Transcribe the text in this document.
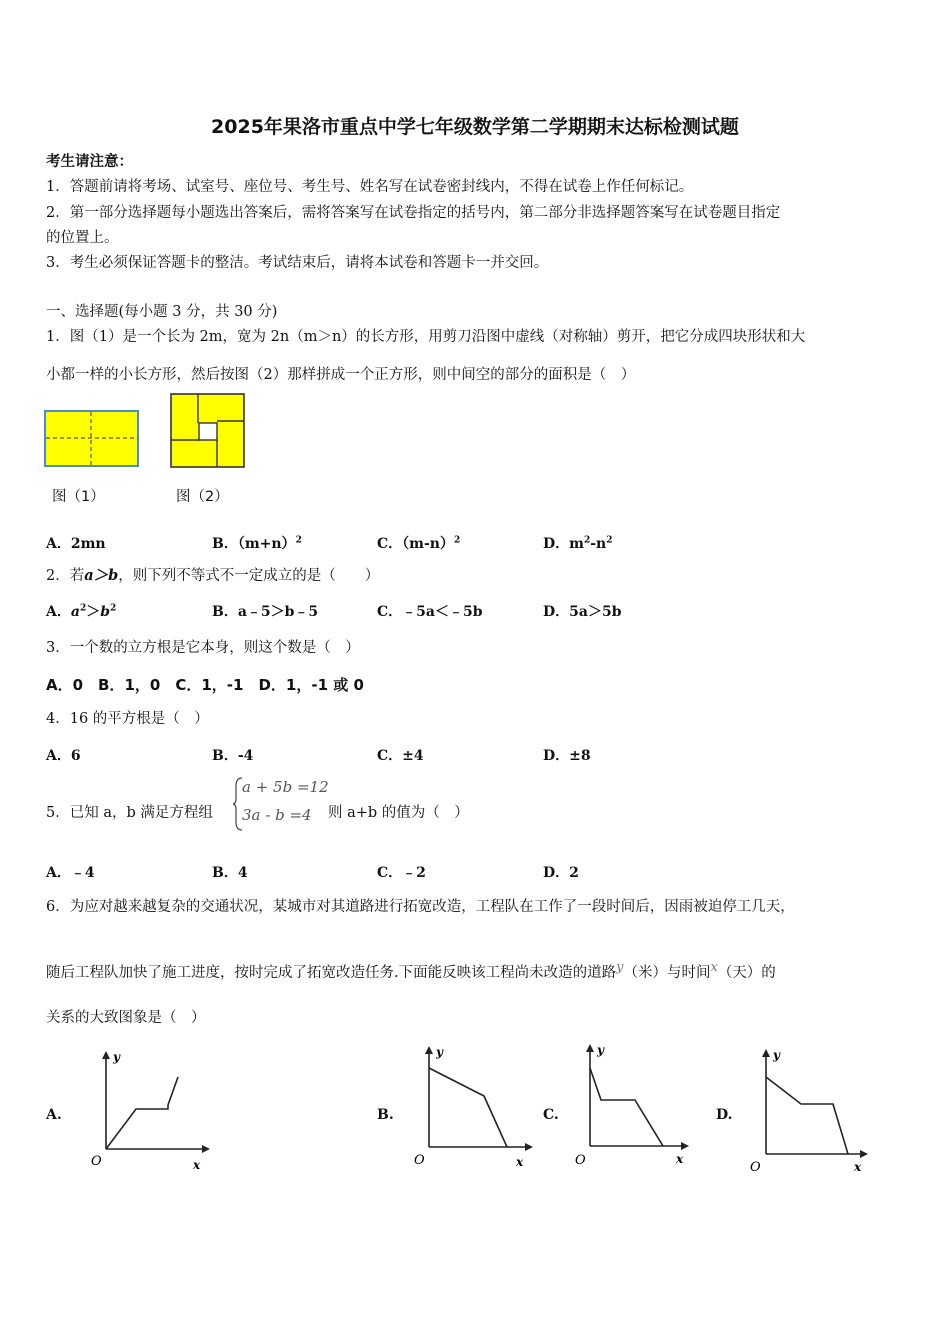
2025年果洛市重点中学七年级数学第二学期期末达标检测试题
考生请注意：
1．答题前请将考场、试室号、座位号、考生号、姓名写在试卷密封线内，不得在试卷上作任何标记。
2．第一部分选择题每小题选出答案后，需将答案写在试卷指定的括号内，第二部分非选择题答案写在试卷题目指定
的位置上。
3．考生必须保证答题卡的整洁。考试结束后，请将本试卷和答题卡一并交回。
一、选择题(每小题 3 分，共 30 分)
1．图（1）是一个长为 2m，宽为 2n（m＞n）的长方形，用剪刀沿图中虚线（对称轴）剪开，把它分成四块形状和大
小都一样的小长方形，然后按图（2）那样拼成一个正方形，则中间空的部分的面积是（　）
图（1）	图（2）
A．2mn	B．$(m+n)^2$	C．$(m-n)^2$	D．$m^2-n^2$
2．若a＞b，则下列不等式不一定成立的是（　　）
A．$a^2>b^2$	B．a﹣5＞b﹣5	C．﹣5a＜﹣5b	D．5a＞5b
3．一个数的立方根是它本身，则这个数是（　）
A．0　B．1，0　C．1，-1　D．1，-1 或 0
4．16 的平方根是（　）
A．6	B．-4	C．±4	D．±8
5．已知 a，b 满足方程组
a + 5b =12
3a - b =4 则 a+b 的值为（　）
A．﹣4	B．4	C．﹣2	D．2
6．为应对越来越复杂的交通状况，某城市对其道路进行拓宽改造，工程队在工作了一段时间后，因雨被迫停工几天，
随后工程队加快了施工进度，按时完成了拓宽改造任务.下面能反映该工程尚未改造的道路y（米）与时间x（天）的
关系的大致图象是（　）
A.	B.	C.	D.
y
x
O
y
x
O
y
x
O
y
x
O
